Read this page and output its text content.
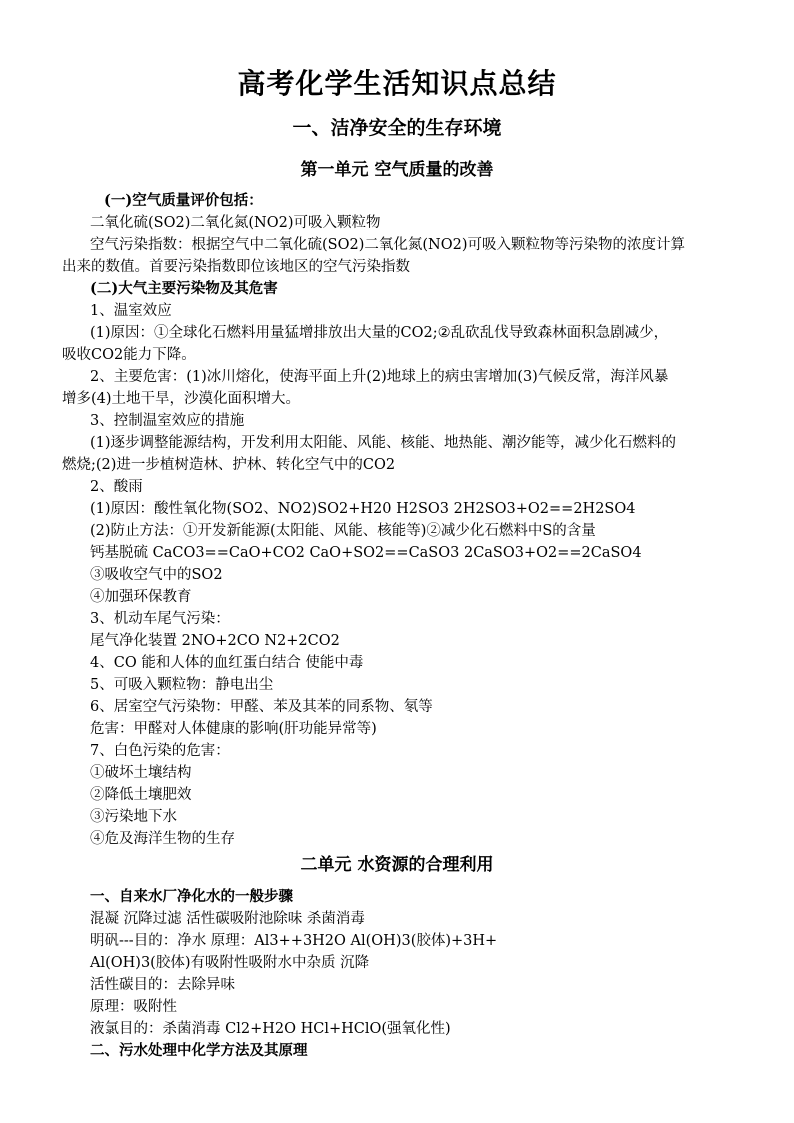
高考化学生活知识点总结
一、洁净安全的生存环境
第一单元 空气质量的改善
(一)空气质量评价包括：
二氧化硫(SO2)二氧化氮(NO2)可吸入颗粒物
空气污染指数：根据空气中二氧化硫(SO2)二氧化氮(NO2)可吸入颗粒物等污染物的浓度计算
出来的数值。首要污染指数即位该地区的空气污染指数
(二)大气主要污染物及其危害
1、温室效应
(1)原因：①全球化石燃料用量猛增排放出大量的CO2;②乱砍乱伐导致森林面积急剧减少，
吸收CO2能力下降。
2、主要危害：(1)冰川熔化，使海平面上升(2)地球上的病虫害增加(3)气候反常，海洋风暴
增多(4)土地干旱，沙漠化面积增大。
3、控制温室效应的措施
(1)逐步调整能源结构，开发利用太阳能、风能、核能、地热能、潮汐能等，减少化石燃料的
燃烧;(2)进一步植树造林、护林、转化空气中的CO2
2、酸雨
(1)原因：酸性氧化物(SO2、NO2)SO2+H20 H2SO3 2H2SO3+O2==2H2SO4
(2)防止方法：①开发新能源(太阳能、风能、核能等)②减少化石燃料中S的含量
钙基脱硫 CaCO3==CaO+CO2 CaO+SO2==CaSO3 2CaSO3+O2==2CaSO4
③吸收空气中的SO2
④加强环保教育
3、机动车尾气污染：
尾气净化装置 2NO+2CO N2+2CO2
4、CO 能和人体的血红蛋白结合 使能中毒
5、可吸入颗粒物：静电出尘
6、居室空气污染物：甲醛、苯及其苯的同系物、氡等
危害：甲醛对人体健康的影响(肝功能异常等)
7、白色污染的危害：
①破坏土壤结构
②降低土壤肥效
③污染地下水
④危及海洋生物的生存
二单元 水资源的合理利用
一、自来水厂净化水的一般步骤
混凝 沉降过滤 活性碳吸附池除味 杀菌消毒
明矾---目的：净水 原理：Al3++3H2O Al(OH)3(胶体)+3H+
Al(OH)3(胶体)有吸附性吸附水中杂质 沉降
活性碳目的：去除异味
原理：吸附性
液氯目的：杀菌消毒 Cl2+H2O HCl+HClO(强氧化性)
二、污水处理中化学方法及其原理
